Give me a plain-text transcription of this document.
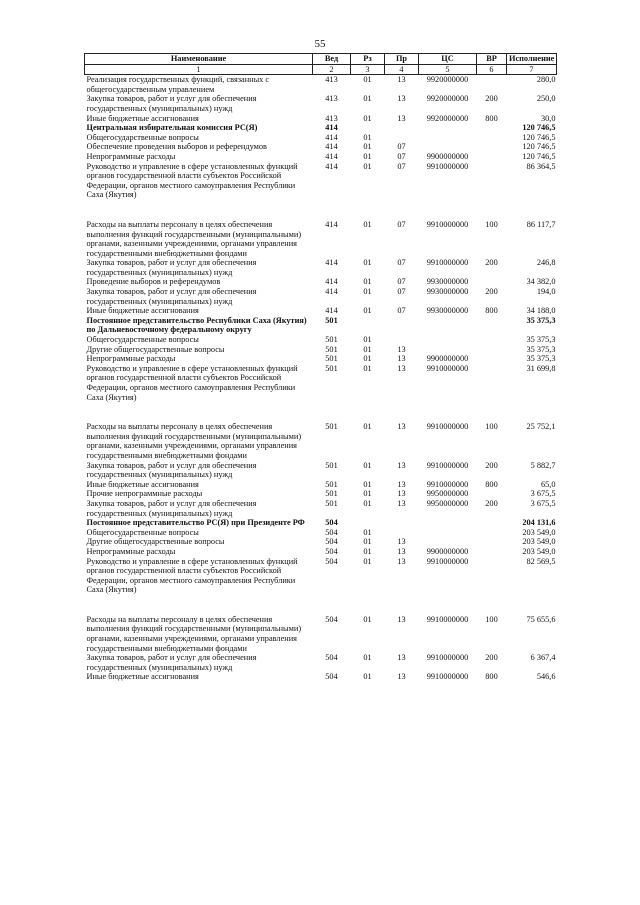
55
Наименование	Вед	Рз	Пр	ЦС	ВР	Исполнение
1	2	3	4	5	6	7
Реализация государственных функций, связанных с общегосударственным управлением	413	01	13	9920000000		280,0
Закупка товаров, работ и услуг для обеспечения государственных (муниципальных) нужд	413	01	13	9920000000	200	250,0
Иные бюджетные ассигнования	413	01	13	9920000000	800	30,0
Центральная избирательная комиссия РС(Я)	414					120 746,5
Общегосударственные вопросы	414	01				120 746,5
Обеспечение проведения выборов и референдумов	414	01	07			120 746,5
Непрограммные расходы	414	01	07	9900000000		120 746,5
Руководство и управление в сфере установленных функций органов государственной власти субъектов Российской Федерации, органов местного самоуправления Республики Саха (Якутия)	414	01	07	9910000000		86 364,5
Расходы на выплаты персоналу в целях обеспечения выполнения функций государственными (муниципальными) органами, казенными учреждениями, органами управления государственными внебюджетными фондами	414	01	07	9910000000	100	86 117,7
Закупка товаров, работ и услуг для обеспечения государственных (муниципальных) нужд	414	01	07	9910000000	200	246,8
Проведение выборов и референдумов	414	01	07	9930000000		34 382,0
Закупка товаров, работ и услуг для обеспечения государственных (муниципальных) нужд	414	01	07	9930000000	200	194,0
Иные бюджетные ассигнования	414	01	07	9930000000	800	34 188,0
Постоянное представительство Республики Саха (Якутия) по Дальневосточному федеральному округу	501					35 375,3
Общегосударственные вопросы	501	01				35 375,3
Другие общегосударственные вопросы	501	01	13			35 375,3
Непрограммные расходы	501	01	13	9900000000		35 375,3
Руководство и управление в сфере установленных функций органов государственной власти субъектов Российской Федерации, органов местного самоуправления Республики Саха (Якутия)	501	01	13	9910000000		31 699,8
Расходы на выплаты персоналу в целях обеспечения выполнения функций государственными (муниципальными) органами, казенными учреждениями, органами управления государственными внебюджетными фондами	501	01	13	9910000000	100	25 752,1
Закупка товаров, работ и услуг для обеспечения государственных (муниципальных) нужд	501	01	13	9910000000	200	5 882,7
Иные бюджетные ассигнования	501	01	13	9910000000	800	65,0
Прочие непрограммные расходы	501	01	13	9950000000		3 675,5
Закупка товаров, работ и услуг для обеспечения государственных (муниципальных) нужд	501	01	13	9950000000	200	3 675,5
Постоянное представительство РС(Я) при Президенте РФ	504					204 131,6
Общегосударственные вопросы	504	01				203 549,0
Другие общегосударственные вопросы	504	01	13			203 549,0
Непрограммные расходы	504	01	13	9900000000		203 549,0
Руководство и управление в сфере установленных функций органов государственной власти субъектов Российской Федерации, органов местного самоуправления Республики Саха (Якутия)	504	01	13	9910000000		82 569,5
Расходы на выплаты персоналу в целях обеспечения выполнения функций государственными (муниципальными) органами, казенными учреждениями, органами управления государственными внебюджетными фондами	504	01	13	9910000000	100	75 655,6
Закупка товаров, работ и услуг для обеспечения государственных (муниципальных) нужд	504	01	13	9910000000	200	6 367,4
Иные бюджетные ассигнования	504	01	13	9910000000	800	546,6
